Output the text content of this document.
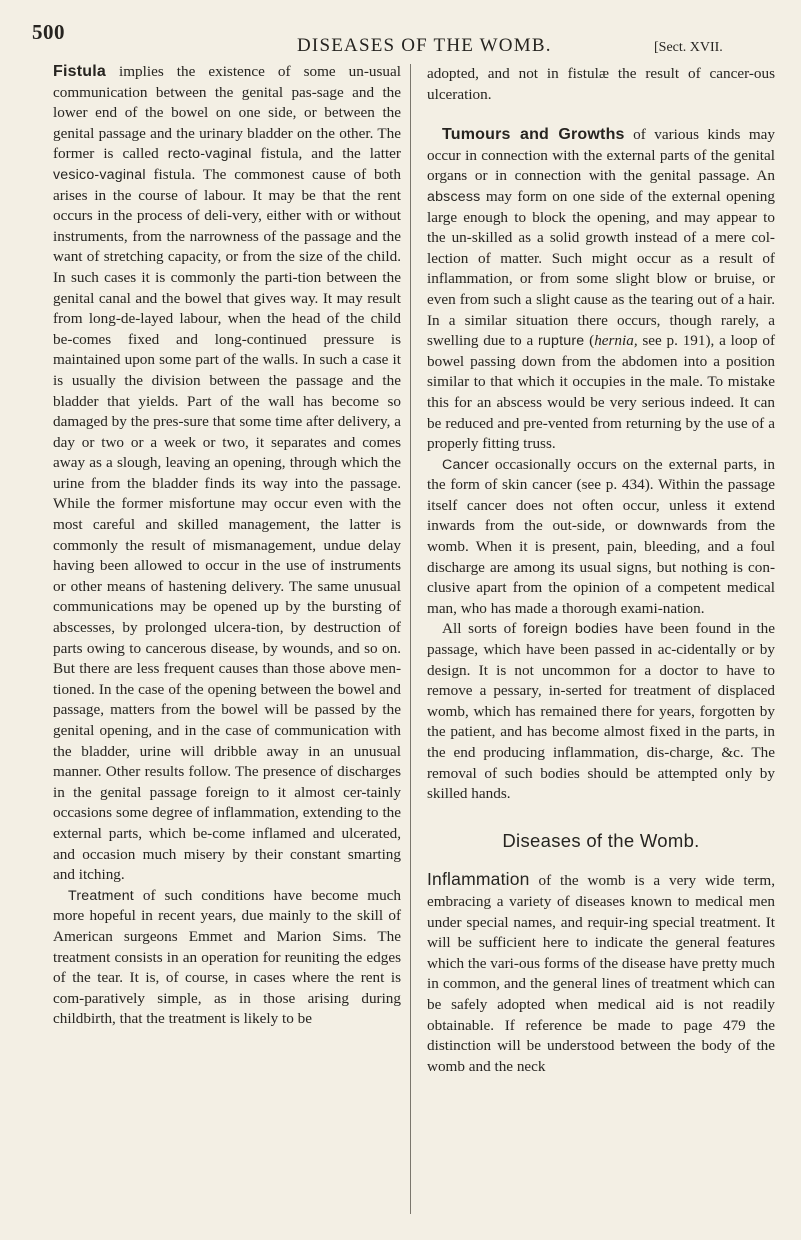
500
DISEASES OF THE WOMB.	[Sect. XVII.

Fistula implies the existence of some un-usual communication between the genital pas-sage and the lower end of the bowel on one side, or between the genital passage and the urinary bladder on the other. The former is called recto-vaginal fistula, and the latter vesico-vaginal fistula. The commonest cause of both arises in the course of labour. It may be that the rent occurs in the process of deli-very, either with or without instruments, from the narrowness of the passage and the want of stretching capacity, or from the size of the child. In such cases it is commonly the parti-tion between the genital canal and the bowel that gives way. It may result from long-de-layed labour, when the head of the child be-comes fixed and long-continued pressure is maintained upon some part of the walls. In such a case it is usually the division between the passage and the bladder that yields. Part of the wall has become so damaged by the pres-sure that some time after delivery, a day or two or a week or two, it separates and comes away as a slough, leaving an opening, through which the urine from the bladder finds its way into the passage. While the former misfortune may occur even with the most careful and skilled management, the latter is commonly the result of mismanagement, undue delay having been allowed to occur in the use of instruments or other means of hastening delivery. The same unusual communications may be opened up by the bursting of abscesses, by prolonged ulcera-tion, by destruction of parts owing to cancerous disease, by wounds, and so on. But there are less frequent causes than those above men-tioned. In the case of the opening between the bowel and passage, matters from the bowel will be passed by the genital opening, and in the case of communication with the bladder, urine will dribble away in an unusual manner. Other results follow. The presence of discharges in the genital passage foreign to it almost cer-tainly occasions some degree of inflammation, extending to the external parts, which be-come inflamed and ulcerated, and occasion much misery by their constant smarting and itching.

Treatment of such conditions have become much more hopeful in recent years, due mainly to the skill of American surgeons Emmet and Marion Sims. The treatment consists in an operation for reuniting the edges of the tear. It is, of course, in cases where the rent is com-paratively simple, as in those arising during childbirth, that the treatment is likely to be

adopted, and not in fistulæ the result of cancer-ous ulceration.

Tumours and Growths of various kinds may occur in connection with the external parts of the genital organs or in connection with the genital passage. An abscess may form on one side of the external opening large enough to block the opening, and may appear to the un-skilled as a solid growth instead of a mere col-lection of matter. Such might occur as a result of inflammation, or from some slight blow or bruise, or even from such a slight cause as the tearing out of a hair. In a similar situation there occurs, though rarely, a swelling due to a rupture (hernia, see p. 191), a loop of bowel passing down from the abdomen into a position similar to that which it occupies in the male. To mistake this for an abscess would be very serious indeed. It can be reduced and pre-vented from returning by the use of a properly fitting truss.

Cancer occasionally occurs on the external parts, in the form of skin cancer (see p. 434). Within the passage itself cancer does not often occur, unless it extend inwards from the out-side, or downwards from the womb. When it is present, pain, bleeding, and a foul discharge are among its usual signs, but nothing is con-clusive apart from the opinion of a competent medical man, who has made a thorough exami-nation.

All sorts of foreign bodies have been found in the passage, which have been passed in ac-cidentally or by design. It is not uncommon for a doctor to have to remove a pessary, in-serted for treatment of displaced womb, which has remained there for years, forgotten by the patient, and has become almost fixed in the parts, in the end producing inflammation, dis-charge, &c. The removal of such bodies should be attempted only by skilled hands.

Diseases of the Womb.

Inflammation of the womb is a very wide term, embracing a variety of diseases known to medical men under special names, and requir-ing special treatment. It will be sufficient here to indicate the general features which the vari-ous forms of the disease have pretty much in common, and the general lines of treatment which can be safely adopted when medical aid is not readily obtainable. If reference be made to page 479 the distinction will be understood between the body of the womb and the neck
